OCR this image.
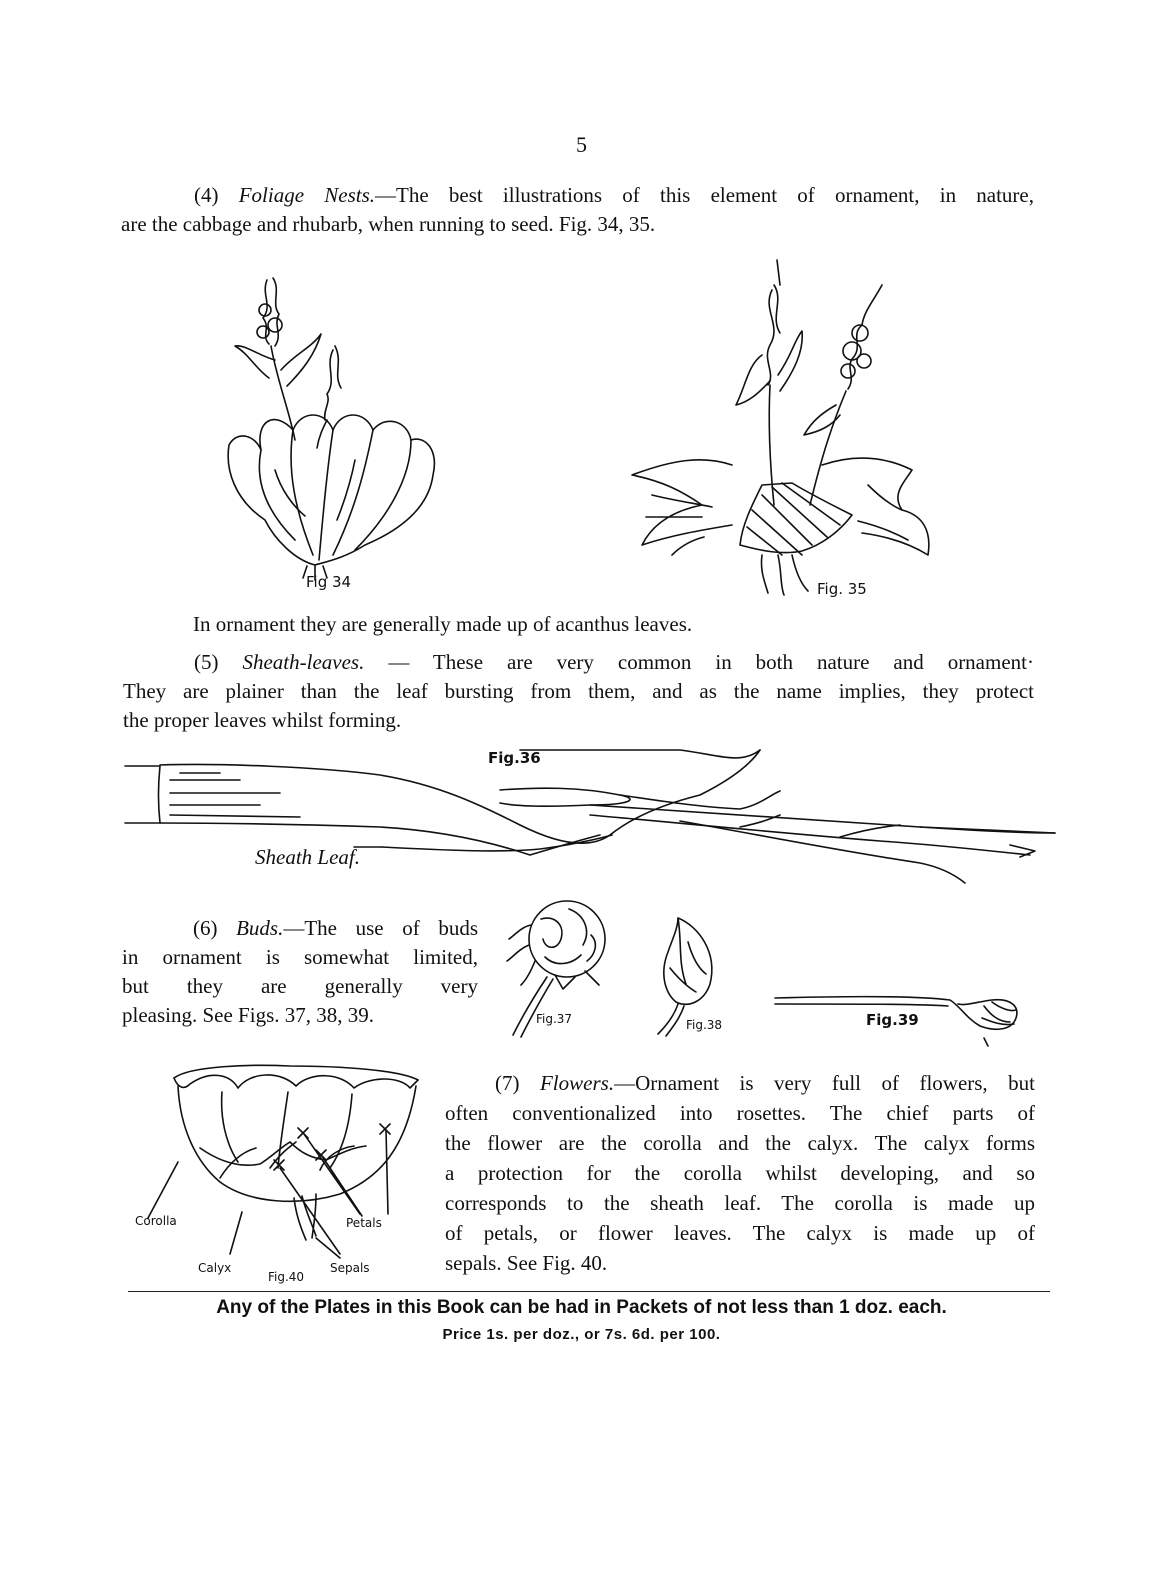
5
(4) Foliage Nests.—The best illustrations of this element of ornament, in nature,
are the cabbage and rhubarb, when running to seed. Fig. 34, 35.
Fig 34	Fig. 35
In ornament they are generally made up of acanthus leaves.
(5) Sheath-leaves. — These are very common in both nature and ornament·
They are plainer than the leaf bursting from them, and as the name implies, they protect
the proper leaves whilst forming.
Fig.36
Sheath Leaf.
(6) Buds.—The use of buds
in ornament is somewhat limited,
but they are generally very
pleasing. See Figs. 37, 38, 39.	Fig.37	Fig.38	Fig.39
Corolla	Petals
Calyx	Sepals
Fig.40
(7) Flowers.—Ornament is very full of flowers, but
often conventionalized into rosettes. The chief parts of
the flower are the corolla and the calyx. The calyx forms
a protection for the corolla whilst developing, and so
corresponds to the sheath leaf. The corolla is made up
of petals, or flower leaves. The calyx is made up of
sepals. See Fig. 40.
Any of the Plates in this Book can be had in Packets of not less than 1 doz. each.
Price 1s. per doz., or 7s. 6d. per 100.
